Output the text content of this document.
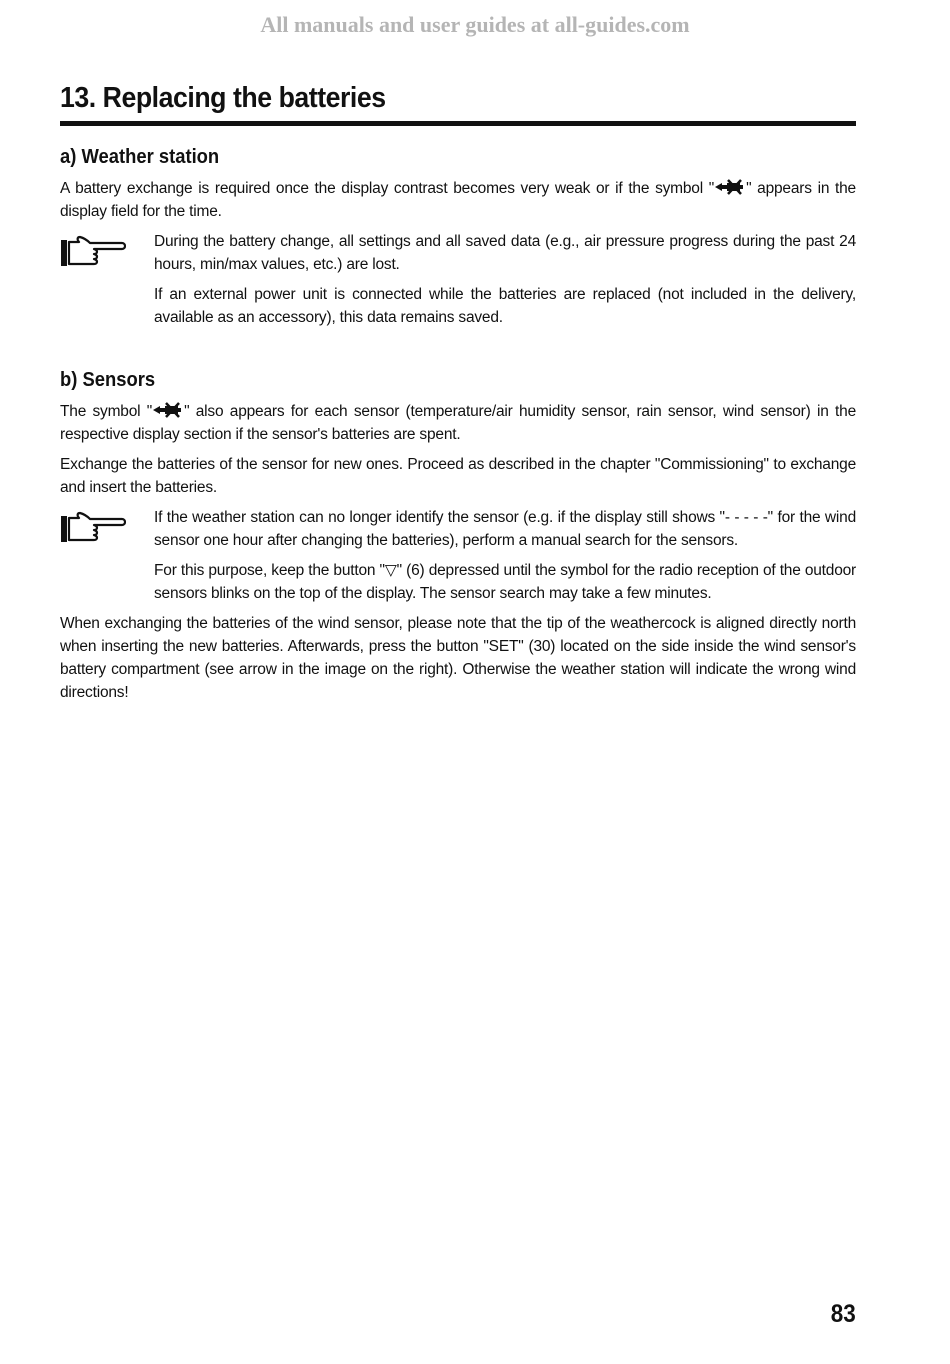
All manuals and user guides at all-guides.com
13. Replacing the batteries
a) Weather station

A battery exchange is required once the display contrast becomes very weak or if the symbol " " appears in the display field for the time.

During the battery change, all settings and all saved data (e.g., air pressure progress during the past 24 hours, min/max values, etc.) are lost.

If an external power unit is connected while the batteries are replaced (not included in the delivery, available as an accessory), this data remains saved.

b) Sensors

The symbol " " also appears for each sensor (temperature/air humidity sensor, rain sensor, wind sensor) in the respective display section if the sensor's batteries are spent.

Exchange the batteries of the sensor for new ones. Proceed as described in the chapter "Commissioning" to exchange and insert the batteries.

If the weather station can no longer identify the sensor (e.g. if the display still shows "- - - - -" for the wind sensor one hour after changing the batteries), perform a manual search for the sensors.

For this purpose, keep the button "▽" (6) depressed until the symbol for the radio reception of the outdoor sensors blinks on the top of the display. The sensor search may take a few minutes.

When exchanging the batteries of the wind sensor, please note that the tip of the weathercock is aligned directly north when inserting the new batteries. Afterwards, press the button "SET" (30) located on the side inside the wind sensor's battery compartment (see arrow in the image on the right). Otherwise the weather station will indicate the wrong wind directions!

83
